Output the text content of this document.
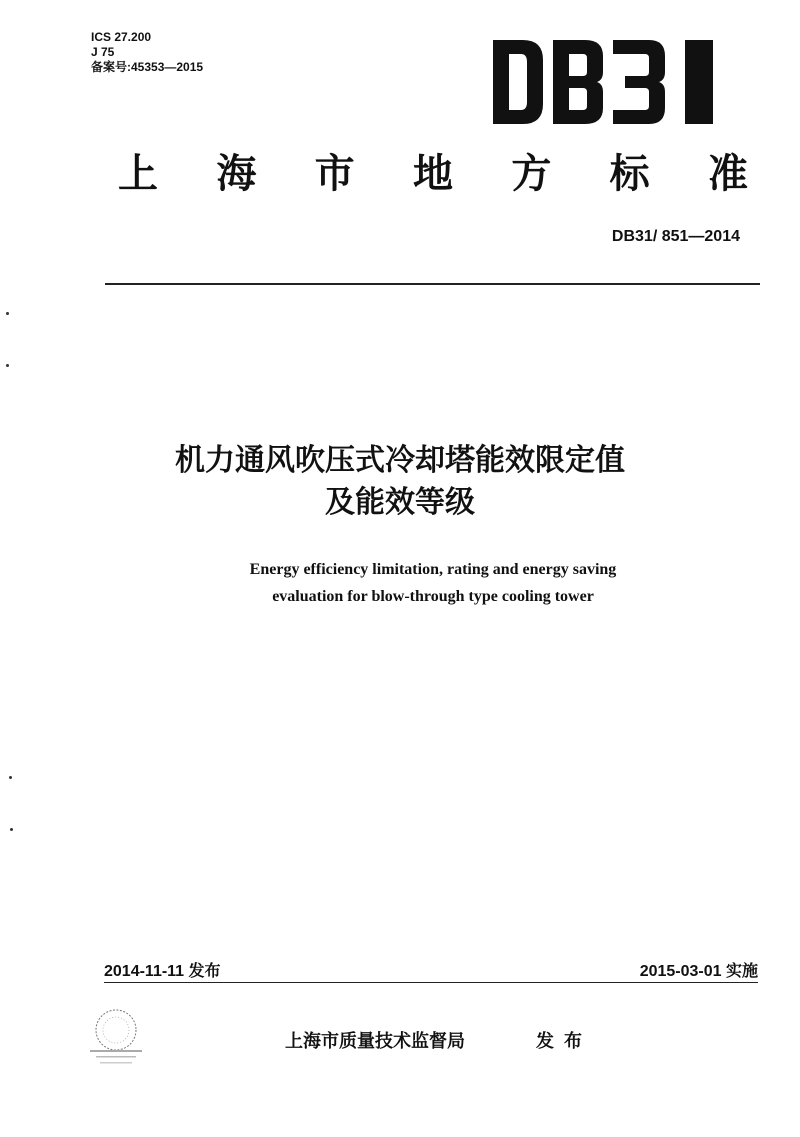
ICS 27.200
J 75
备案号:45353—2015
上 海 市 地 方 标 准
DB31/ 851—2014
机力通风吹压式冷却塔能效限定值
及能效等级
Energy efficiency limitation, rating and energy saving
evaluation for blow-through type cooling tower
2014-11-11 发布	2015-03-01 实施
上海市质量技术监督局	发布
